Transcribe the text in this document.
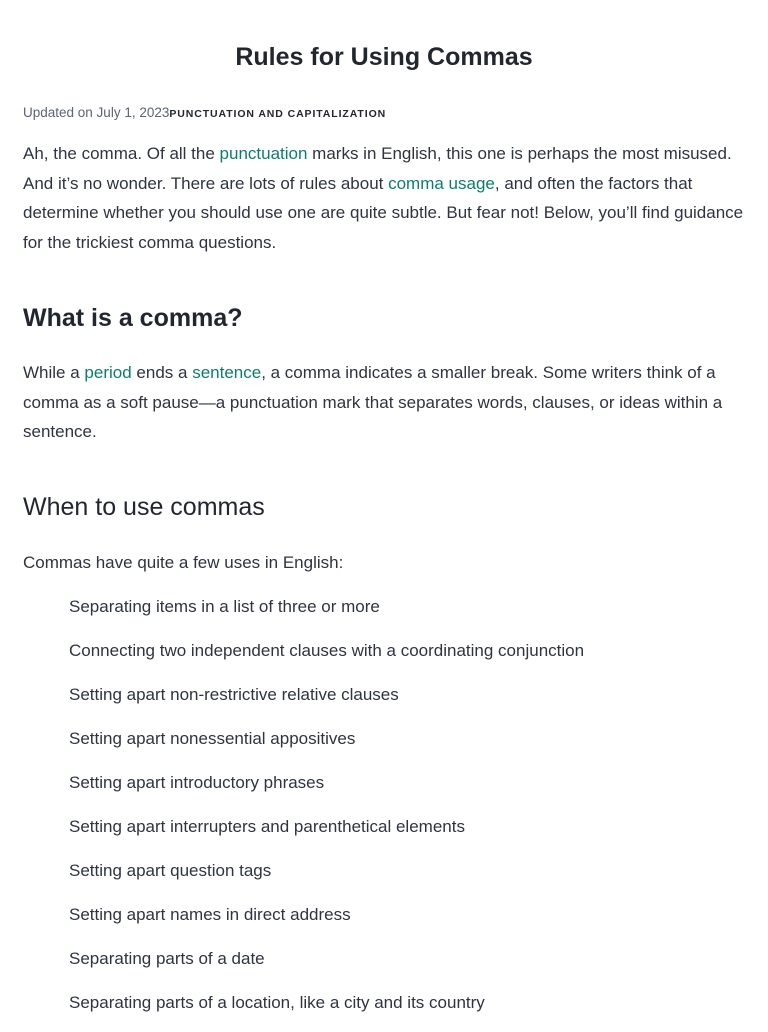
Rules for Using Commas
Updated on July 1, 2023 PUNCTUATION AND CAPITALIZATION

Ah, the comma. Of all the punctuation marks in English, this one is perhaps the most misused. And it’s no wonder. There are lots of rules about comma usage, and often the factors that determine whether you should use one are quite subtle. But fear not! Below, you’ll find guidance for the trickiest comma questions.

What is a comma?

While a period ends a sentence, a comma indicates a smaller break. Some writers think of a comma as a soft pause—a punctuation mark that separates words, clauses, or ideas within a sentence.

When to use commas

Commas have quite a few uses in English:

Separating items in a list of three or more
Connecting two independent clauses with a coordinating conjunction
Setting apart non-restrictive relative clauses
Setting apart nonessential appositives
Setting apart introductory phrases
Setting apart interrupters and parenthetical elements
Setting apart question tags
Setting apart names in direct address
Separating parts of a date
Separating parts of a location, like a city and its country
